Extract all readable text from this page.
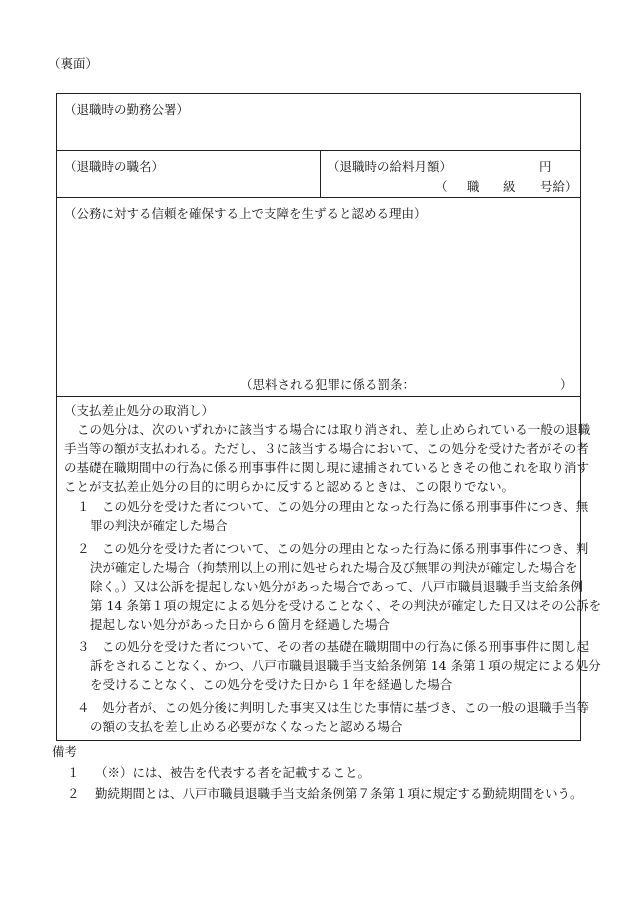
（裏面）
（退職時の勤務公署）
（退職時の職名）	（退職時の給料月額）	円
（ 職 級 号給）
（公務に対する信頼を確保する上で支障を生ずると認める理由）
（思料される犯罪に係る罰条：	）
（支払差止処分の取消し）
この処分は、次のいずれかに該当する場合には取り消され、差し止められている一般の退職
手当等の額が支払われる。ただし、３に該当する場合において、この処分を受けた者がその者
の基礎在職期間中の行為に係る刑事事件に関し現に逮捕されているときその他これを取り消す
ことが支払差止処分の目的に明らかに反すると認めるときは、この限りでない。
１ この処分を受けた者について、この処分の理由となった行為に係る刑事事件につき、無
罪の判決が確定した場合
２ この処分を受けた者について、この処分の理由となった行為に係る刑事事件につき、判
決が確定した場合（拘禁刑以上の刑に処せられた場合及び無罪の判決が確定した場合を
除く。）又は公訴を提起しない処分があった場合であって、八戸市職員退職手当支給条例
第 14 条第１項の規定による処分を受けることなく、その判決が確定した日又はその公訴を
提起しない処分があった日から６箇月を経過した場合
３ この処分を受けた者について、その者の基礎在職期間中の行為に係る刑事事件に関し起
訴をされることなく、かつ、八戸市職員退職手当支給条例第 14 条第１項の規定による処分
を受けることなく、この処分を受けた日から１年を経過した場合
４ 処分者が、この処分後に判明した事実又は生じた事情に基づき、この一般の退職手当等
の額の支払を差し止める必要がなくなったと認める場合
備考
１ （※）には、被告を代表する者を記載すること。
２ 勤続期間とは、八戸市職員退職手当支給条例第７条第１項に規定する勤続期間をいう。
